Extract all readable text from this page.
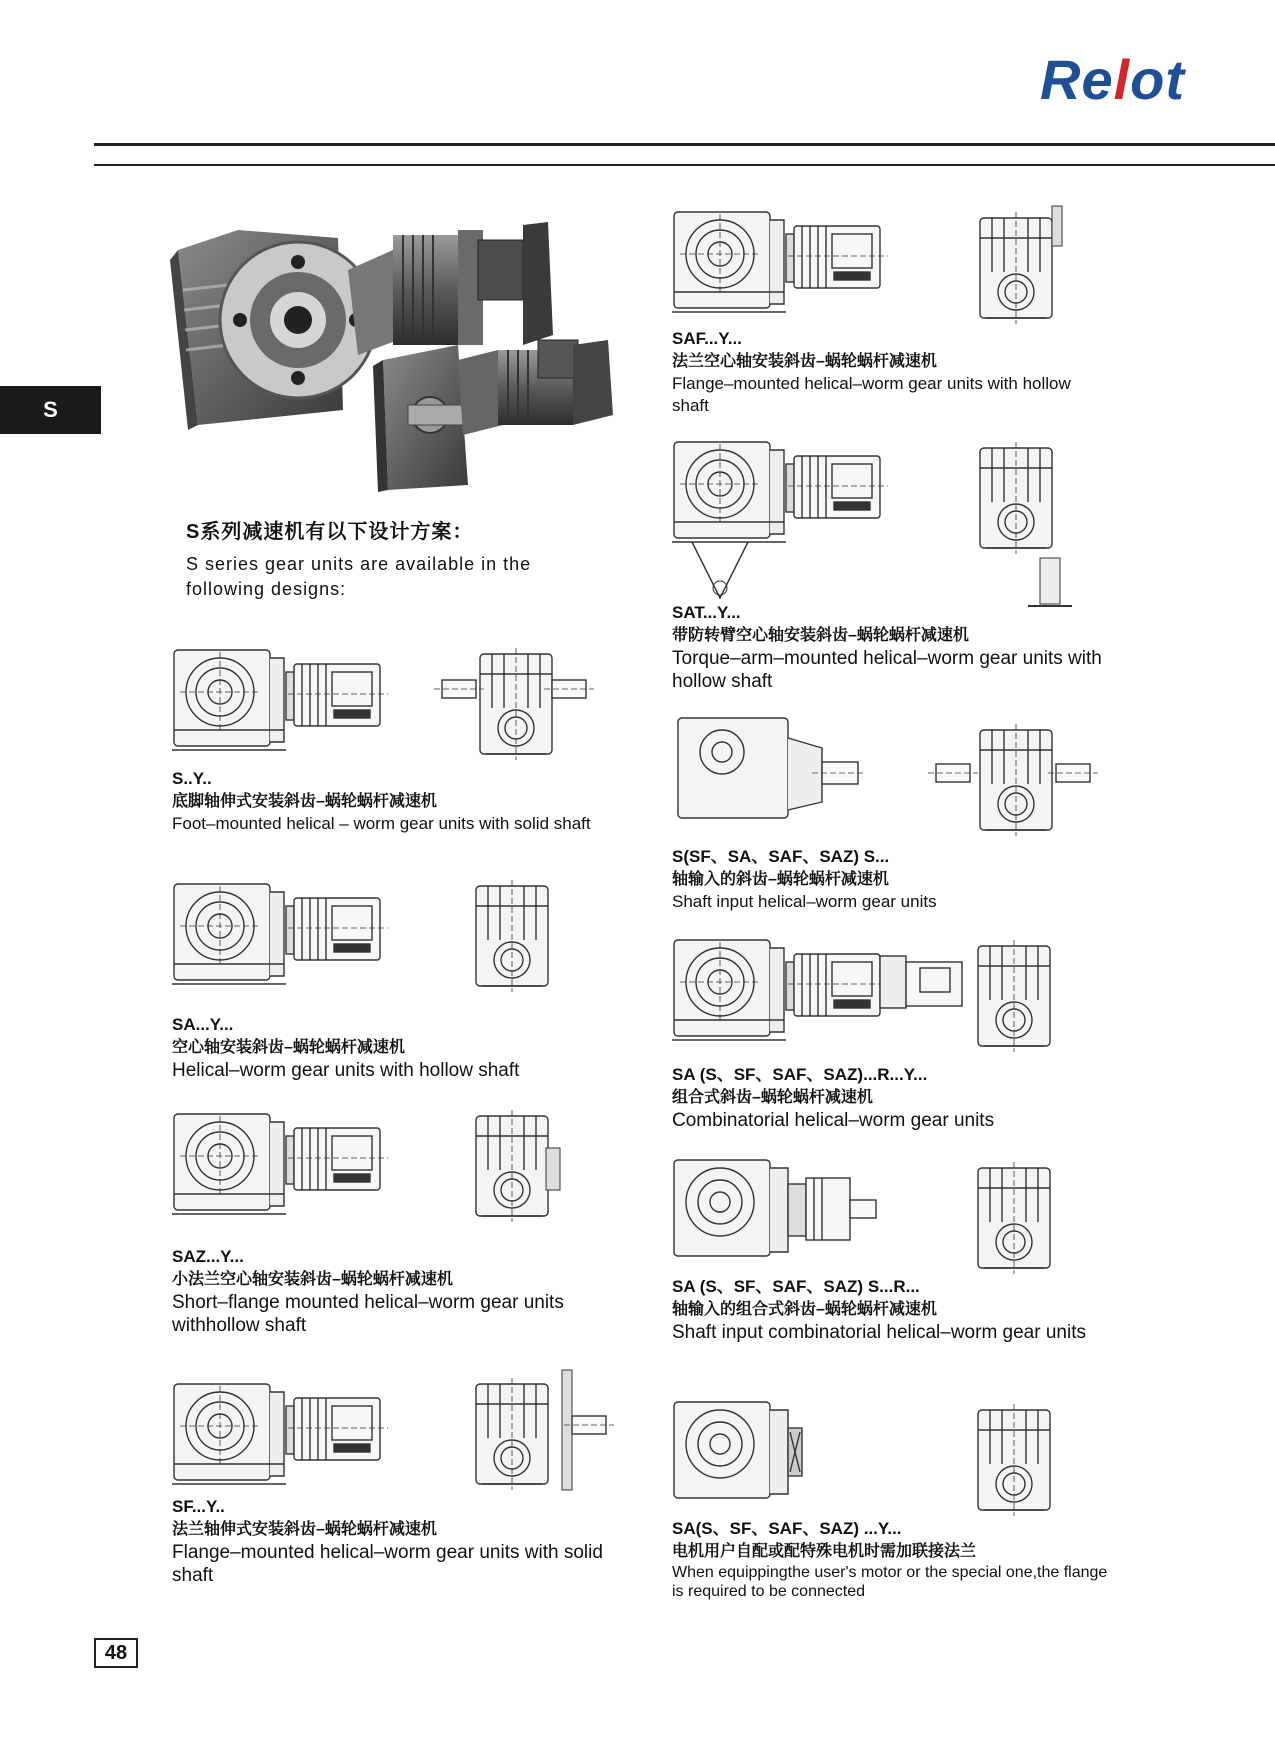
Relot
S
S系列减速机有以下设计方案：
S series gear units are available in the following designs:
SAF...Y...
法兰空心轴安装斜齿–蜗轮蜗杆减速机
Flange–mounted helical–worm gear units with hollow shaft
SAT...Y...
带防转臂空心轴安装斜齿–蜗轮蜗杆减速机
Torque–arm–mounted helical–worm gear units with hollow shaft
S(SF、SA、SAF、SAZ) S...
轴输入的斜齿–蜗轮蜗杆减速机
Shaft input helical–worm gear units
SA (S、SF、SAF、SAZ)...R...Y...
组合式斜齿–蜗轮蜗杆减速机
Combinatorial helical–worm gear units
SA (S、SF、SAF、SAZ) S...R...
轴输入的组合式斜齿–蜗轮蜗杆减速机
Shaft input combinatorial helical–worm gear units
SA(S、SF、SAF、SAZ) ...Y...
电机用户自配或配特殊电机时需加联接法兰
When equippingthe user's motor or the special one,the flange is required to be connected
S..Y..
底脚轴伸式安装斜齿–蜗轮蜗杆减速机
Foot–mounted helical – worm gear units with solid shaft
SA...Y...
空心轴安装斜齿–蜗轮蜗杆减速机
Helical–worm gear units with hollow shaft
SAZ...Y...
小法兰空心轴安装斜齿–蜗轮蜗杆减速机
Short–flange mounted helical–worm gear units withhollow shaft
SF...Y..
法兰轴伸式安装斜齿–蜗轮蜗杆减速机
Flange–mounted helical–worm gear units with solid shaft
48
